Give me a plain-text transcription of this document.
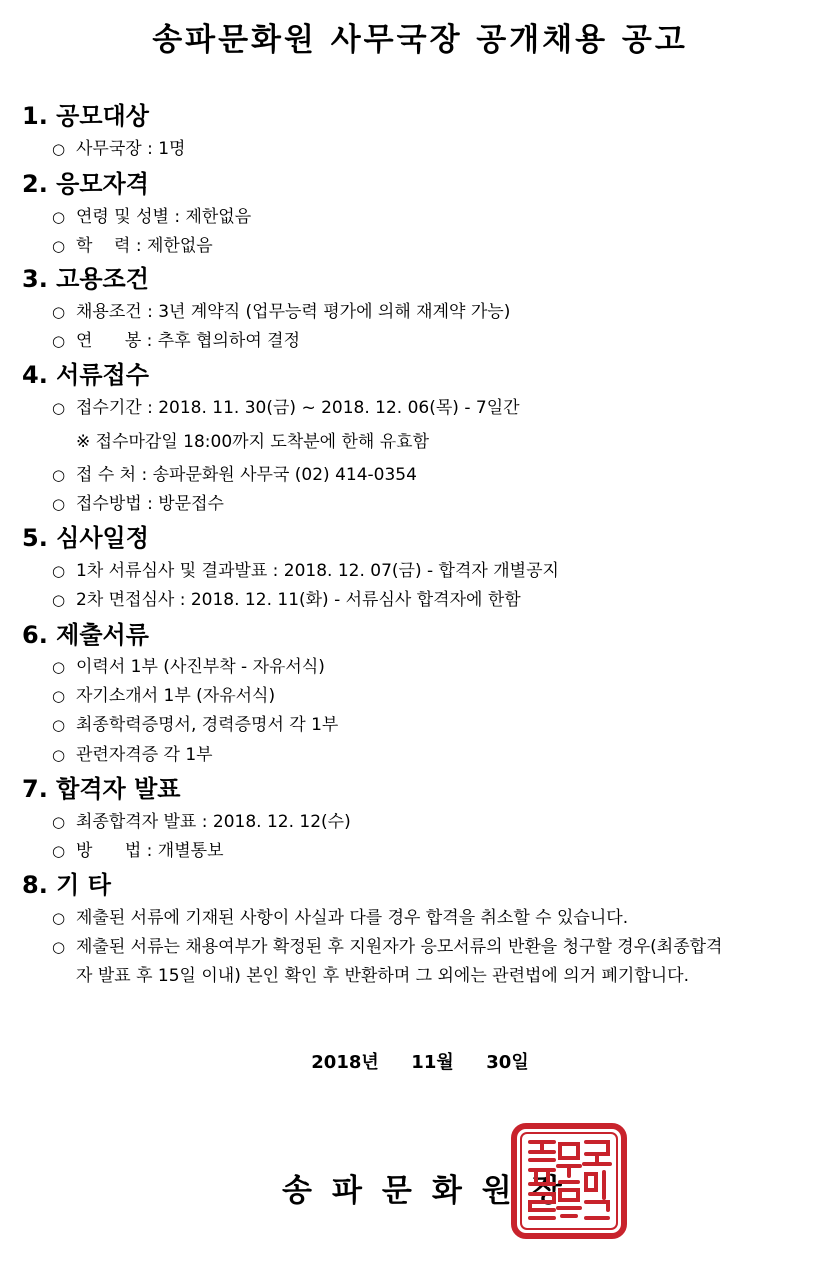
송파문화원 사무국장 공개채용 공고
1. 공모대상
○ 사무국장 : 1명
2. 응모자격
○ 연령 및 성별 : 제한없음
○ 학    력 : 제한없음
3. 고용조건
○ 채용조건 : 3년 계약직 (업무능력 평가에 의해 재계약 가능)
○ 연      봉 : 추후 협의하여 결정
4. 서류접수
○ 접수기간 : 2018. 11. 30(금) ~ 2018. 12. 06(목) - 7일간
※ 접수마감일 18:00까지 도착분에 한해 유효함
○ 접 수 처 : 송파문화원 사무국 (02) 414-0354
○ 접수방법 : 방문접수
5. 심사일정
○ 1차 서류심사 및 결과발표 : 2018. 12. 07(금) - 합격자 개별공지
○ 2차 면접심사 : 2018. 12. 11(화) - 서류심사 합격자에 한함
6. 제출서류
○ 이력서 1부 (사진부착 - 자유서식)
○ 자기소개서 1부 (자유서식)
○ 최종학력증명서, 경력증명서 각 1부
○ 관련자격증 각 1부
7. 합격자 발표
○ 최종합격자 발표 : 2018. 12. 12(수)
○ 방      법 : 개별통보
8. 기 타
○ 제출된 서류에 기재된 사항이 사실과 다를 경우 합격을 취소할 수 있습니다.
○ 제출된 서류는 채용여부가 확정된 후 지원자가 응모서류의 반환을 청구할 경우(최종합격
자 발표 후 15일 이내) 본인 확인 후 반환하며 그 외에는 관련법에 의거 폐기합니다.
2018년  11월  30일
송파문화원장
